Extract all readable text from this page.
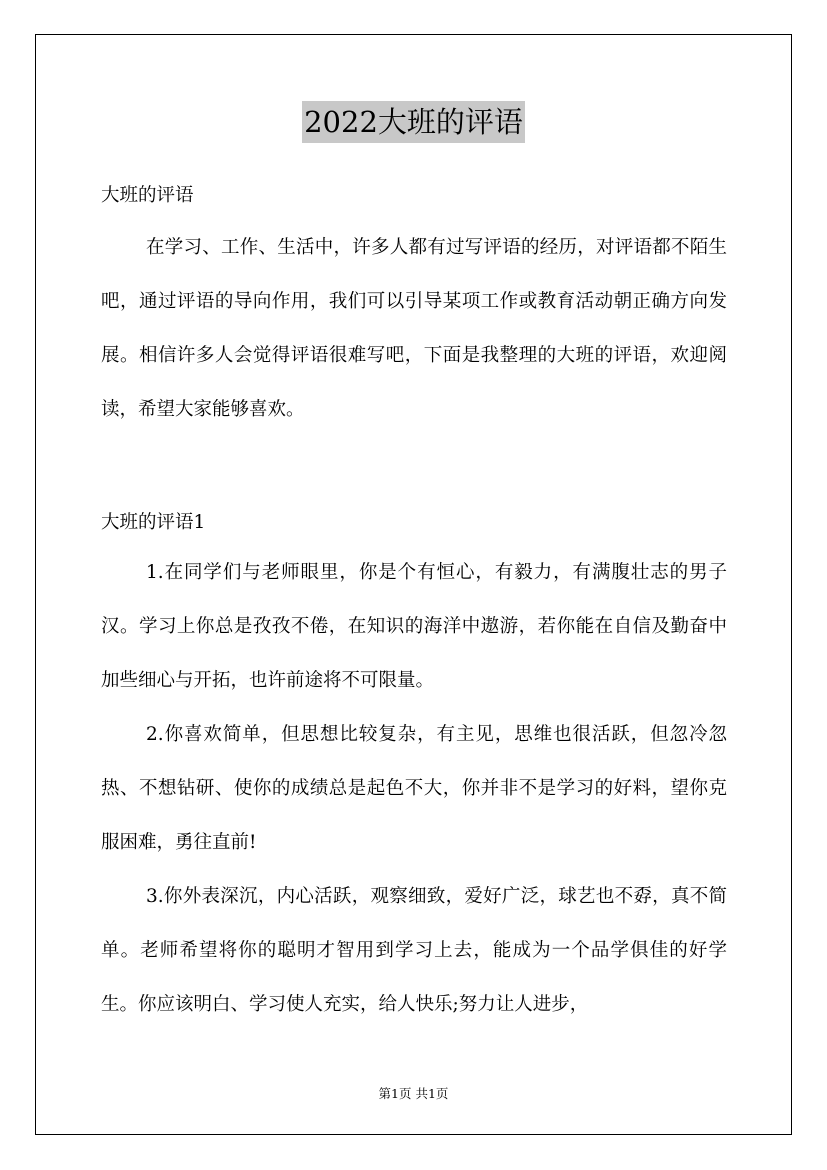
2022大班的评语

大班的评语

在学习、工作、生活中，许多人都有过写评语的经历，对评语都不陌生吧，通过评语的导向作用，我们可以引导某项工作或教育活动朝正确方向发展。相信许多人会觉得评语很难写吧，下面是我整理的大班的评语，欢迎阅读，希望大家能够喜欢。

大班的评语1

1.在同学们与老师眼里，你是个有恒心，有毅力，有满腹壮志的男子汉。学习上你总是孜孜不倦，在知识的海洋中遨游，若你能在自信及勤奋中加些细心与开拓，也许前途将不可限量。

2.你喜欢简单，但思想比较复杂，有主见，思维也很活跃，但忽冷忽热、不想钻研、使你的成绩总是起色不大，你并非不是学习的好料，望你克服困难，勇往直前!

3.你外表深沉，内心活跃，观察细致，爱好广泛，球艺也不孬，真不简单。老师希望将你的聪明才智用到学习上去，能成为一个品学俱佳的好学生。你应该明白、学习使人充实，给人快乐;努力让人进步，

第1页 共1页
